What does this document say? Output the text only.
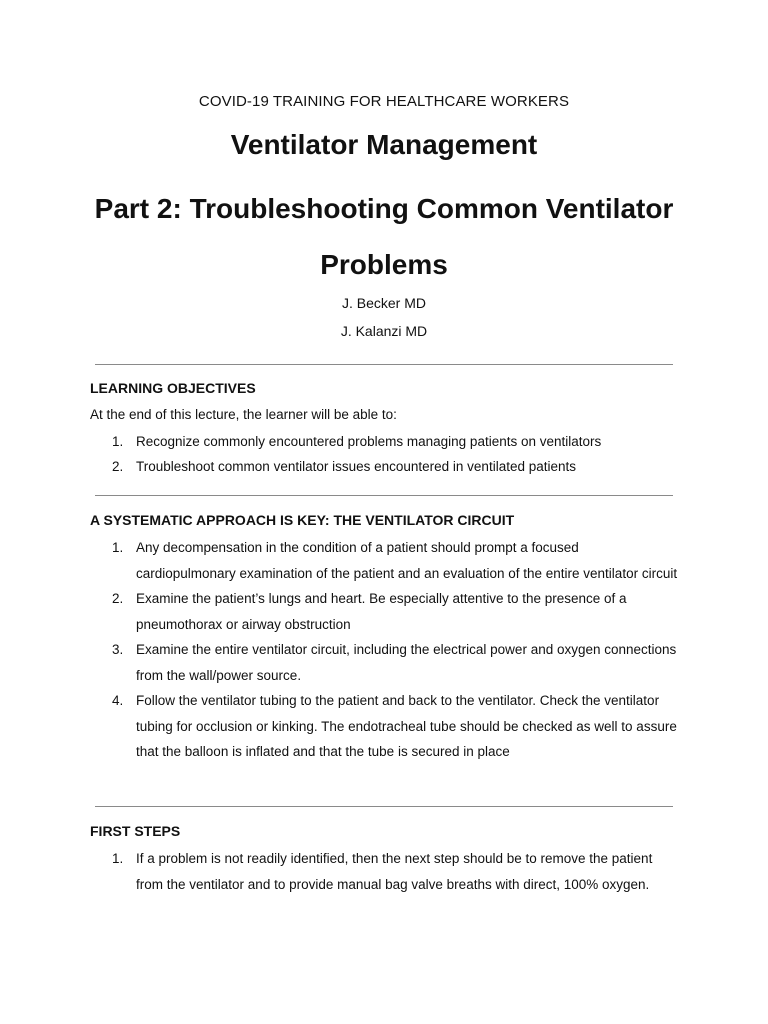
COVID-19 TRAINING FOR HEALTHCARE WORKERS
Ventilator Management
Part 2: Troubleshooting Common Ventilator Problems
J. Becker MD
J. Kalanzi MD
LEARNING OBJECTIVES

At the end of this lecture, the learner will be able to:

1. Recognize commonly encountered problems managing patients on ventilators
2. Troubleshoot common ventilator issues encountered in ventilated patients
A SYSTEMATIC APPROACH IS KEY: THE VENTILATOR CIRCUIT
1. Any decompensation in the condition of a patient should prompt a focused cardiopulmonary examination of the patient and an evaluation of the entire ventilator circuit
2. Examine the patient’s lungs and heart. Be especially attentive to the presence of a pneumothorax or airway obstruction
3. Examine the entire ventilator circuit, including the electrical power and oxygen connections from the wall/power source.
4. Follow the ventilator tubing to the patient and back to the ventilator. Check the ventilator tubing for occlusion or kinking. The endotracheal tube should be checked as well to assure that the balloon is inflated and that the tube is secured in place
FIRST STEPS
1. If a problem is not readily identified, then the next step should be to remove the patient from the ventilator and to provide manual bag valve breaths with direct, 100% oxygen.
